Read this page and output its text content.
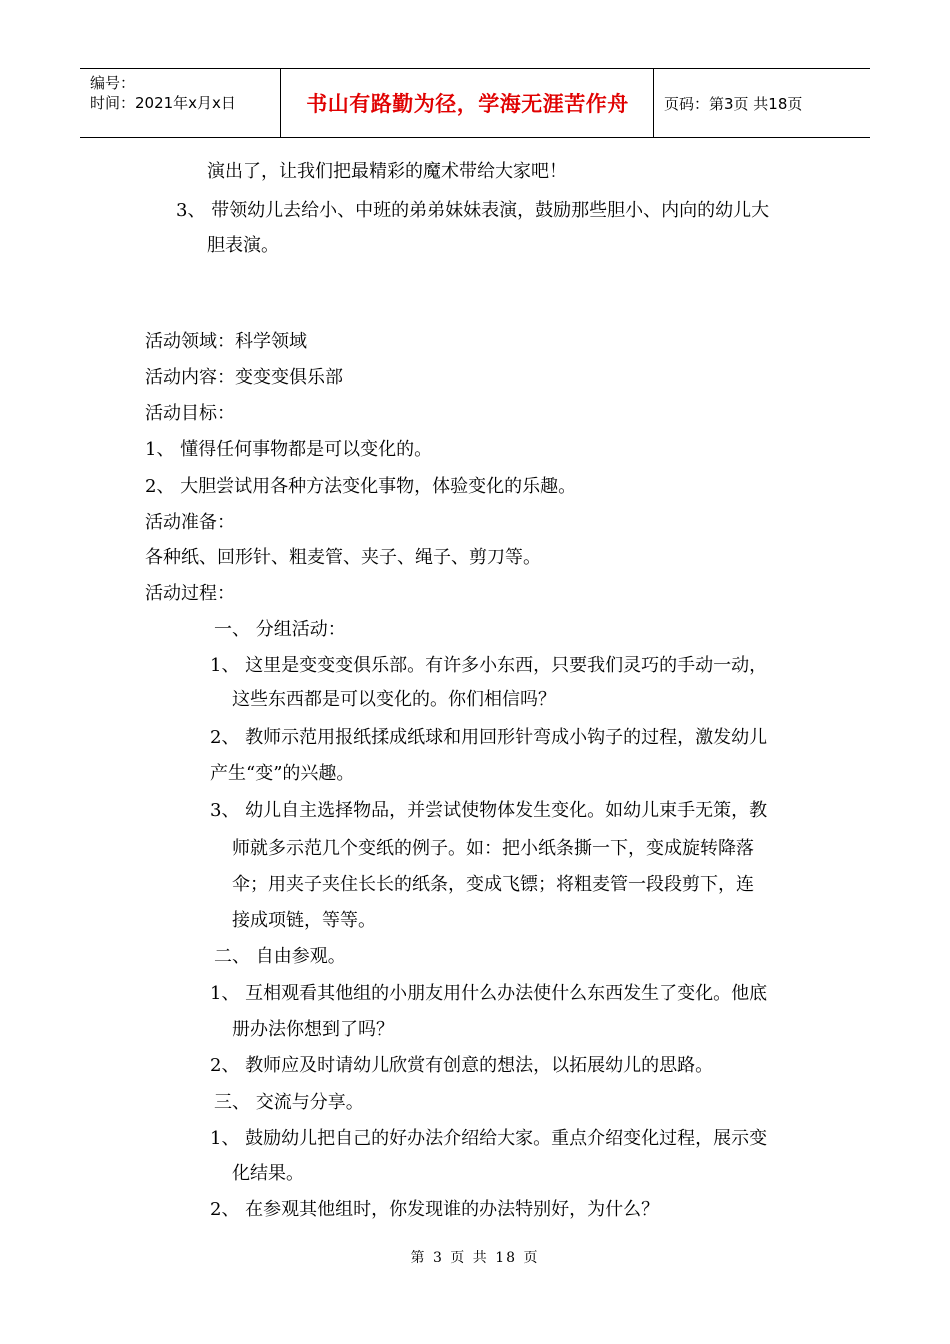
编号：
时间：2021年x月x日	书山有路勤为径，学海无涯苦作舟	页码：第3页 共18页
演出了，让我们把最精彩的魔术带给大家吧！
3、 带领幼儿去给小、中班的弟弟妹妹表演，鼓励那些胆小、内向的幼儿大
胆表演。
活动领域：科学领域
活动内容：变变变俱乐部
活动目标：
1、 懂得任何事物都是可以变化的。
2、 大胆尝试用各种方法变化事物，体验变化的乐趣。
活动准备：
各种纸、回形针、粗麦管、夹子、绳子、剪刀等。
活动过程：
一、 分组活动：
1、 这里是变变变俱乐部。有许多小东西，只要我们灵巧的手动一动，
这些东西都是可以变化的。你们相信吗？
2、 教师示范用报纸揉成纸球和用回形针弯成小钩子的过程，激发幼儿
产生“变”的兴趣。
3、 幼儿自主选择物品，并尝试使物体发生变化。如幼儿束手无策，教
师就多示范几个变纸的例子。如：把小纸条撕一下，变成旋转降落
伞；用夹子夹住长长的纸条，变成飞镖；将粗麦管一段段剪下，连
接成项链，等等。
二、 自由参观。
1、 互相观看其他组的小朋友用什么办法使什么东西发生了变化。他底
册办法你想到了吗？
2、 教师应及时请幼儿欣赏有创意的想法，以拓展幼儿的思路。
三、 交流与分享。
1、 鼓励幼儿把自己的好办法介绍给大家。重点介绍变化过程，展示变
化结果。
2、 在参观其他组时，你发现谁的办法特别好，为什么？
第 3 页 共 18 页
